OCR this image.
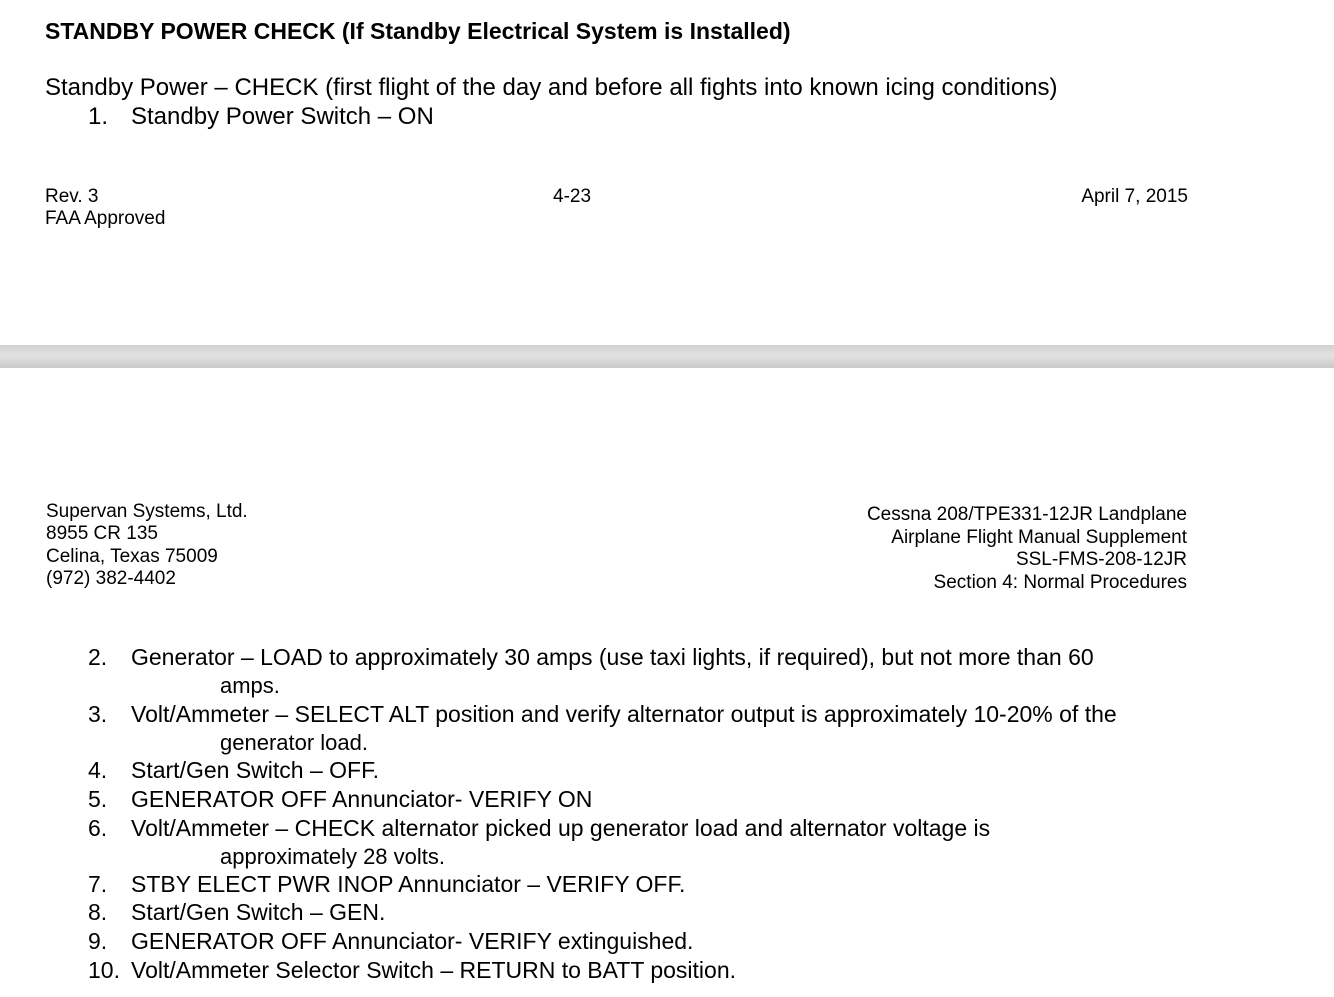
STANDBY POWER CHECK (If Standby Electrical System is Installed)
Standby Power – CHECK (first flight of the day and before all fights into known icing conditions)
1. Standby Power Switch – ON
Rev. 3
FAA Approved
4-23	April 7, 2015
Supervan Systems, Ltd.
8955 CR 135
Celina, Texas 75009
(972) 382-4402
Cessna 208/TPE331-12JR Landplane
Airplane Flight Manual Supplement
SSL-FMS-208-12JR
Section 4: Normal Procedures
2. Generator – LOAD to approximately 30 amps (use taxi lights, if required), but not more than 60
amps.
3. Volt/Ammeter – SELECT ALT position and verify alternator output is approximately 10-20% of the
generator load.
4. Start/Gen Switch – OFF.
5. GENERATOR OFF Annunciator- VERIFY ON
6. Volt/Ammeter – CHECK alternator picked up generator load and alternator voltage is
approximately 28 volts.
7. STBY ELECT PWR INOP Annunciator – VERIFY OFF.
8. Start/Gen Switch – GEN.
9. GENERATOR OFF Annunciator- VERIFY extinguished.
10. Volt/Ammeter Selector Switch – RETURN to BATT position.
